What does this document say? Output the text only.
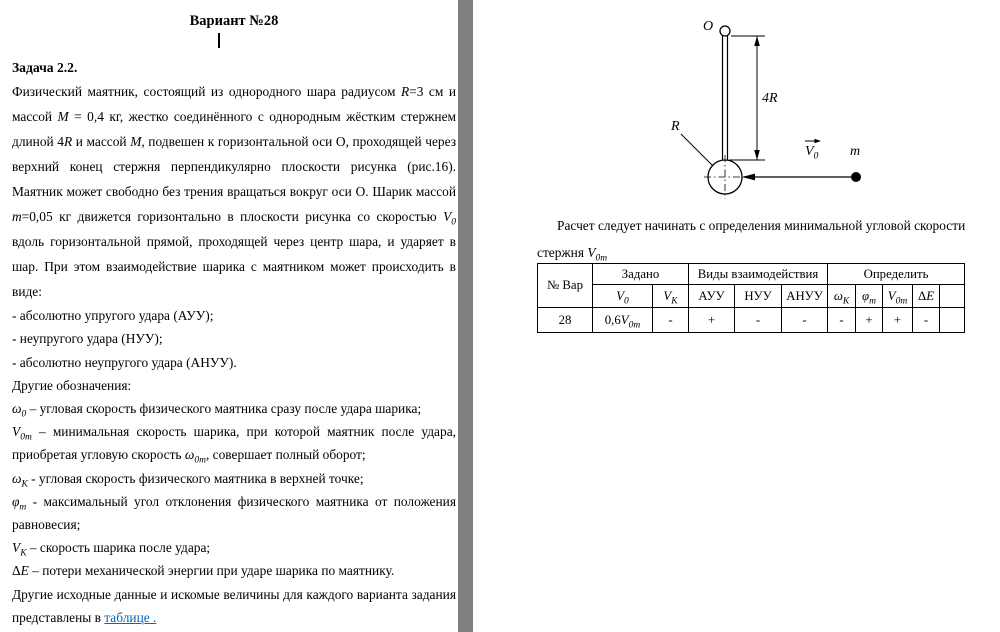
Вариант №28
Задача 2.2.

Физический маятник, состоящий из однородного шара радиусом R=3 см и массой M = 0,4 кг, жестко соединённого с однородным жёстким стержнем длиной 4R и массой M, подвешен к горизонтальной оси О, проходящей через верхний конец стержня перпендикулярно плоскости рисунка (рис.16). Маятник может свободно без трения вращаться вокруг оси О. Шарик массой m=0,05 кг движется горизонтально в плоскости рисунка со скоростью $V_0$ вдоль горизонтальной прямой, проходящей через центр шара, и ударяет в шар. При этом взаимодействие шарика с маятником может происходить в виде:

- абсолютно упругого удара (АУУ);

- неупругого удара (НУУ);

- абсолютно неупругого удара (АНУУ).

Другие обозначения:

$\omega_0$ – угловая скорость физического маятника сразу после удара шарика;

$V_{0m}$ – минимальная скорость шарика, при которой маятник после удара, приобретая угловую скорость $\omega_{0m}$, совершает полный оборот;

$\omega_К$ - угловая скорость физического маятника в верхней точке;

$\varphi_m$ - максимальный угол отклонения физического маятника от положения равновесия;

$V_К$ – скорость шарика после удара;

ΔE – потери механической энергии при ударе шарика по маятнику.

Другие исходные данные и искомые величины для каждого варианта задания представлены в таблице .

O
4R
R
$V_0$ m
Расчет следует начинать с определения минимальной угловой скорости
стержня $V_{0m}$
№ Вар	Задано		Виды взаимодействия			Определить				
	$V_0$	$V_К$	АУУ	НУУ	АНУУ	$\omega_К$	$\varphi_m$	$V_{0m}$	ΔE	
28	$0,6V_{0m}$	-	+	-	-	-	+	+	-	
